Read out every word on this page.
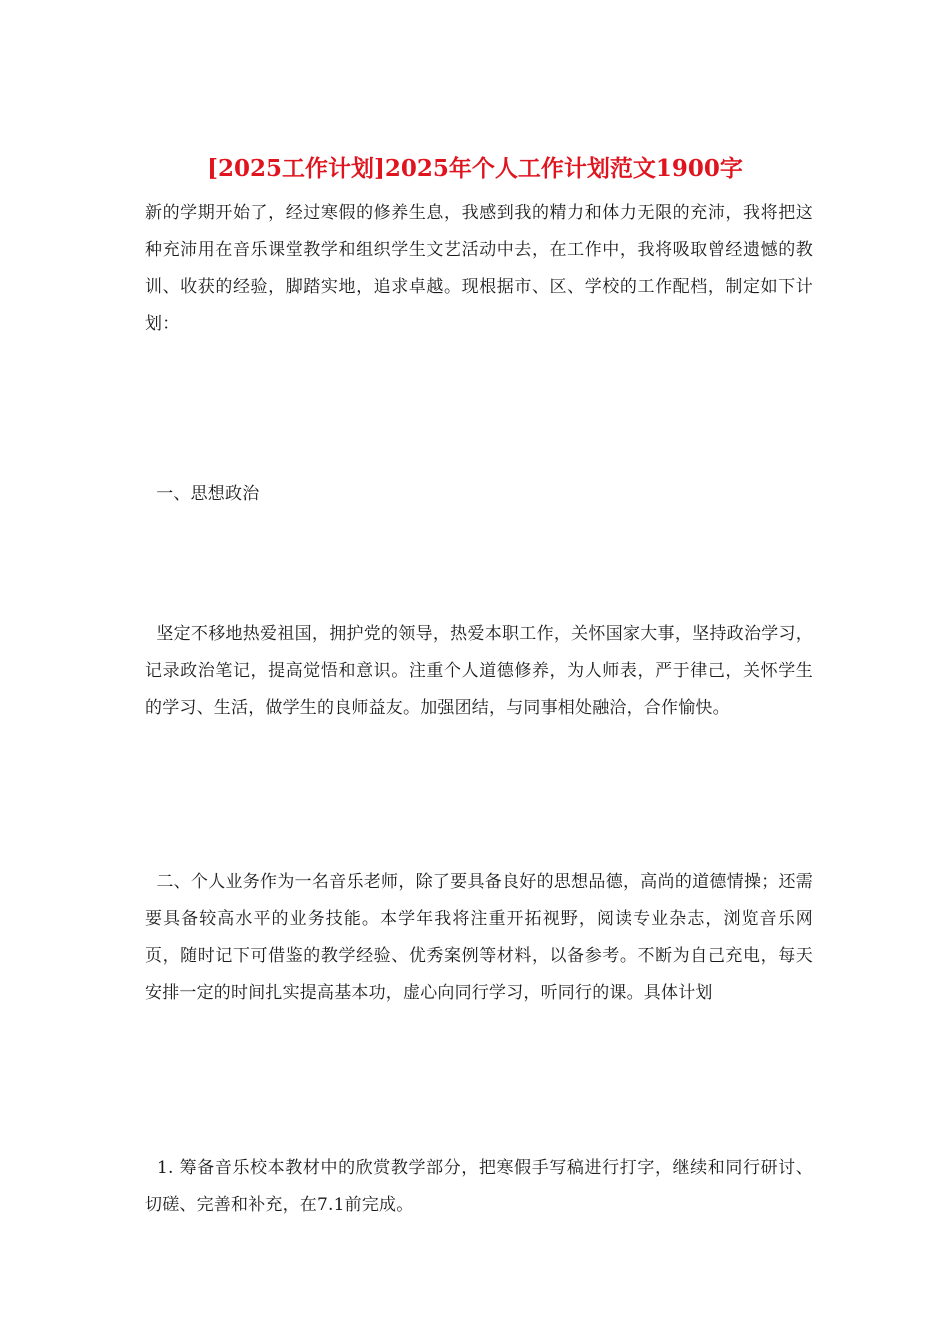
[2025工作计划]2025年个人工作计划范文1900字

新的学期开始了，经过寒假的修养生息，我感到我的精力和体力无限的充沛，我将把这种充沛用在音乐课堂教学和组织学生文艺活动中去，在工作中，我将吸取曾经遗憾的教训、收获的经验，脚踏实地，追求卓越。现根据市、区、学校的工作配档，制定如下计划：

一、思想政治

坚定不移地热爱祖国，拥护党的领导，热爱本职工作，关怀国家大事，坚持政治学习，记录政治笔记，提高觉悟和意识。注重个人道德修养，为人师表，严于律己，关怀学生的学习、生活，做学生的良师益友。加强团结，与同事相处融洽，合作愉快。

二、个人业务作为一名音乐老师，除了要具备良好的思想品德，高尚的道德情操；还需要具备较高水平的业务技能。本学年我将注重开拓视野，阅读专业杂志，浏览音乐网页，随时记下可借鉴的教学经验、优秀案例等材料，以备参考。不断为自己充电，每天安排一定的时间扎实提高基本功，虚心向同行学习，听同行的课。具体计划

1. 筹备音乐校本教材中的欣赏教学部分，把寒假手写稿进行打字，继续和同行研讨、切磋、完善和补充，在7.1前完成。
